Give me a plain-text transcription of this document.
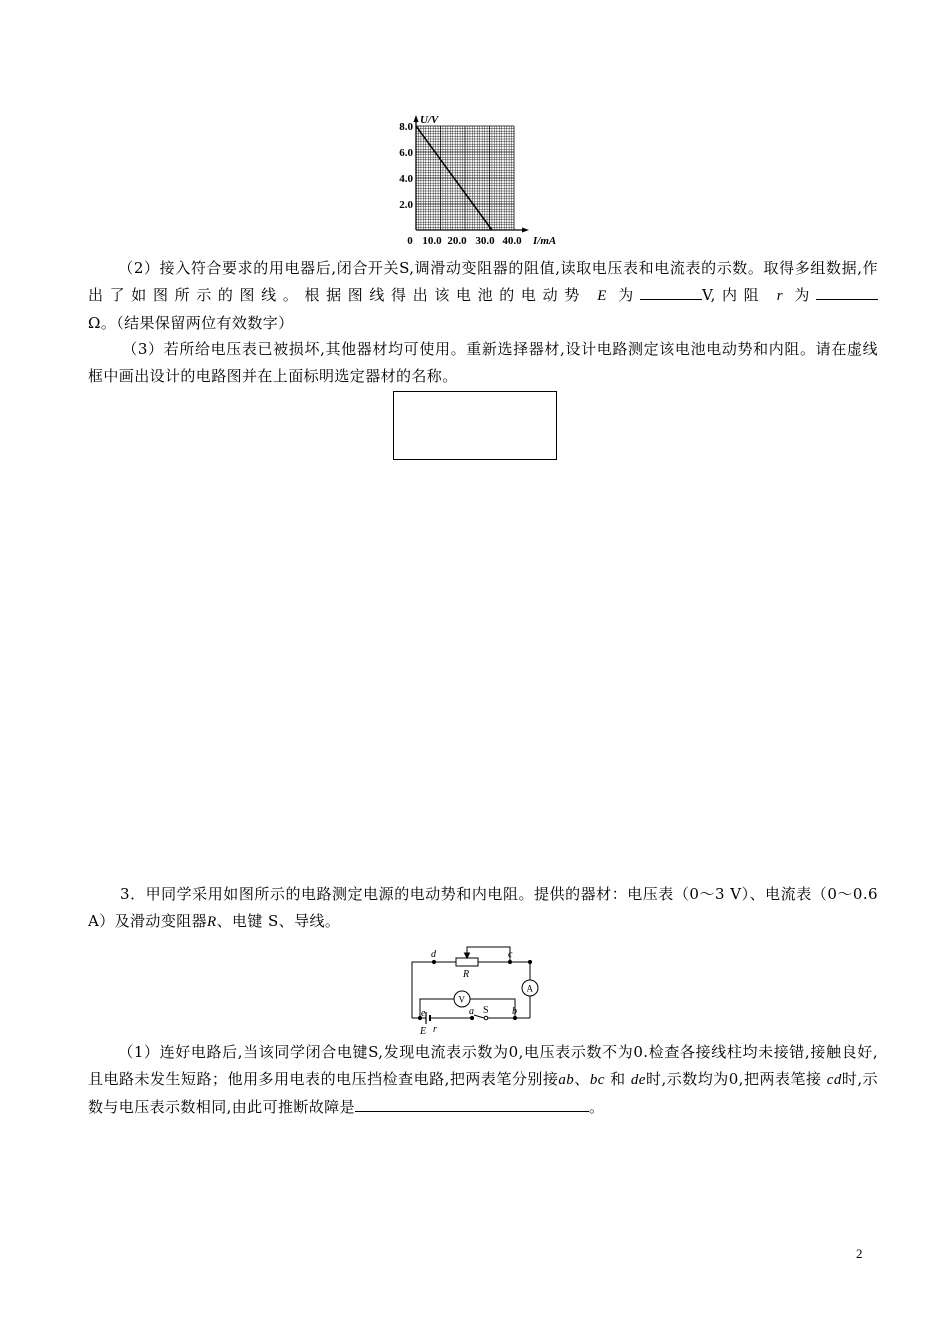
U/V
8.0
6.0
4.0
2.0
0 10.0 20.0 30.0 40.0 I/mA
（2）接入符合要求的用电器后,闭合开关S,调滑动变阻器的阻值,读取电压表和电流表的示数。取得多组数据,作出了如图所示的图线。根据图线得出该电池的电动势 E 为	V,内阻 r 为Ω。（结果保留两位有效数字）
（3）若所给电压表已被损坏,其他器材均可使用。重新选择器材,设计电路测定该电池电动势和内阻。请在虚线框中画出设计的电路图并在上面标明选定器材的名称。
3．甲同学采用如图所示的电路测定电源的电动势和内电阻。提供的器材：电压表（0～3 V）、电流表（0～0.6 A）及滑动变阻器R、电键 S、导线。
d	c
R
V
A
e	a S b
E r
（1）连好电路后,当该同学闭合电键S,发现电流表示数为0,电压表示数不为0.检查各接线柱均未接错,接触良好,且电路未发生短路；他用多用电表的电压挡检查电路,把两表笔分别接ab、bc 和 de时,示数均为0,把两表笔接 cd时,示数与电压表示数相同,由此可推断故障是	。
2
